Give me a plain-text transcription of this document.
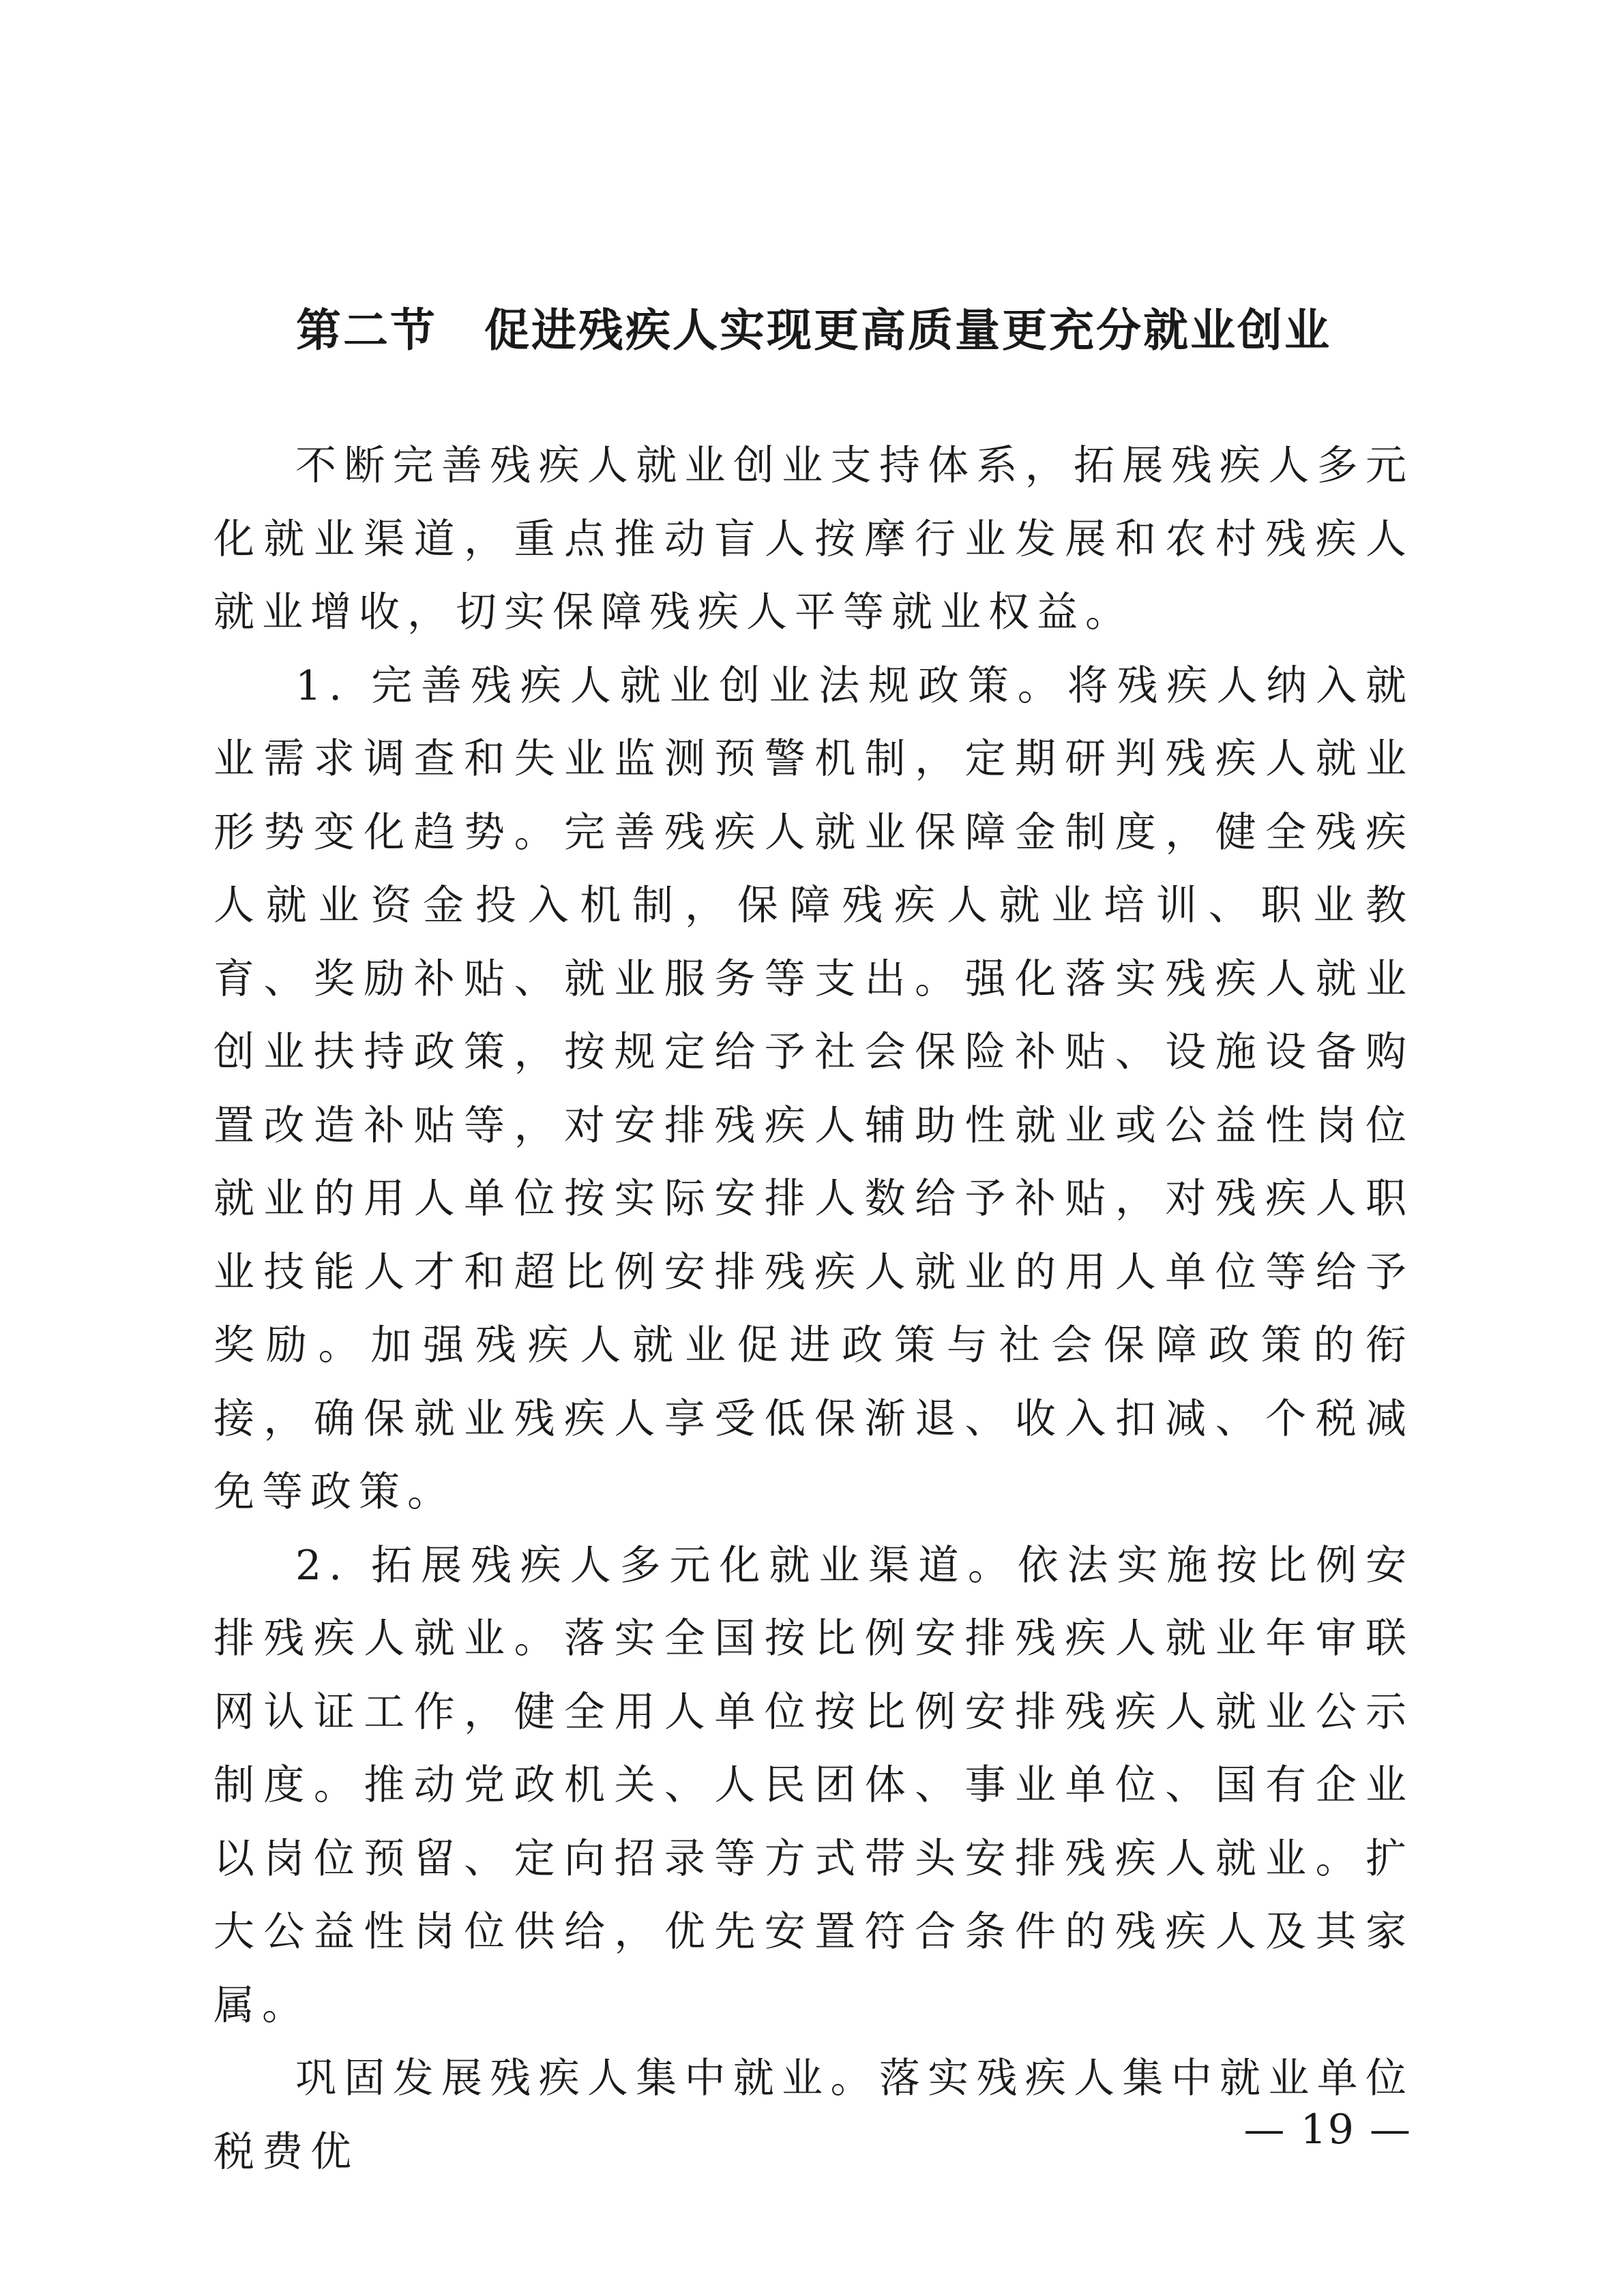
第二节　促进残疾人实现更高质量更充分就业创业

不断完善残疾人就业创业支持体系，拓展残疾人多元化就业渠道，重点推动盲人按摩行业发展和农村残疾人就业增收，切实保障残疾人平等就业权益。

1. 完善残疾人就业创业法规政策。将残疾人纳入就业需求调查和失业监测预警机制，定期研判残疾人就业形势变化趋势。完善残疾人就业保障金制度，健全残疾人就业资金投入机制，保障残疾人就业培训、职业教育、奖励补贴、就业服务等支出。强化落实残疾人就业创业扶持政策，按规定给予社会保险补贴、设施设备购置改造补贴等，对安排残疾人辅助性就业或公益性岗位就业的用人单位按实际安排人数给予补贴，对残疾人职业技能人才和超比例安排残疾人就业的用人单位等给予奖励。加强残疾人就业促进政策与社会保障政策的衔接，确保就业残疾人享受低保渐退、收入扣减、个税减免等政策。

2. 拓展残疾人多元化就业渠道。依法实施按比例安排残疾人就业。落实全国按比例安排残疾人就业年审联网认证工作，健全用人单位按比例安排残疾人就业公示制度。推动党政机关、人民团体、事业单位、国有企业以岗位预留、定向招录等方式带头安排残疾人就业。扩大公益性岗位供给，优先安置符合条件的残疾人及其家属。

巩固发展残疾人集中就业。落实残疾人集中就业单位税费优	— 19 —
